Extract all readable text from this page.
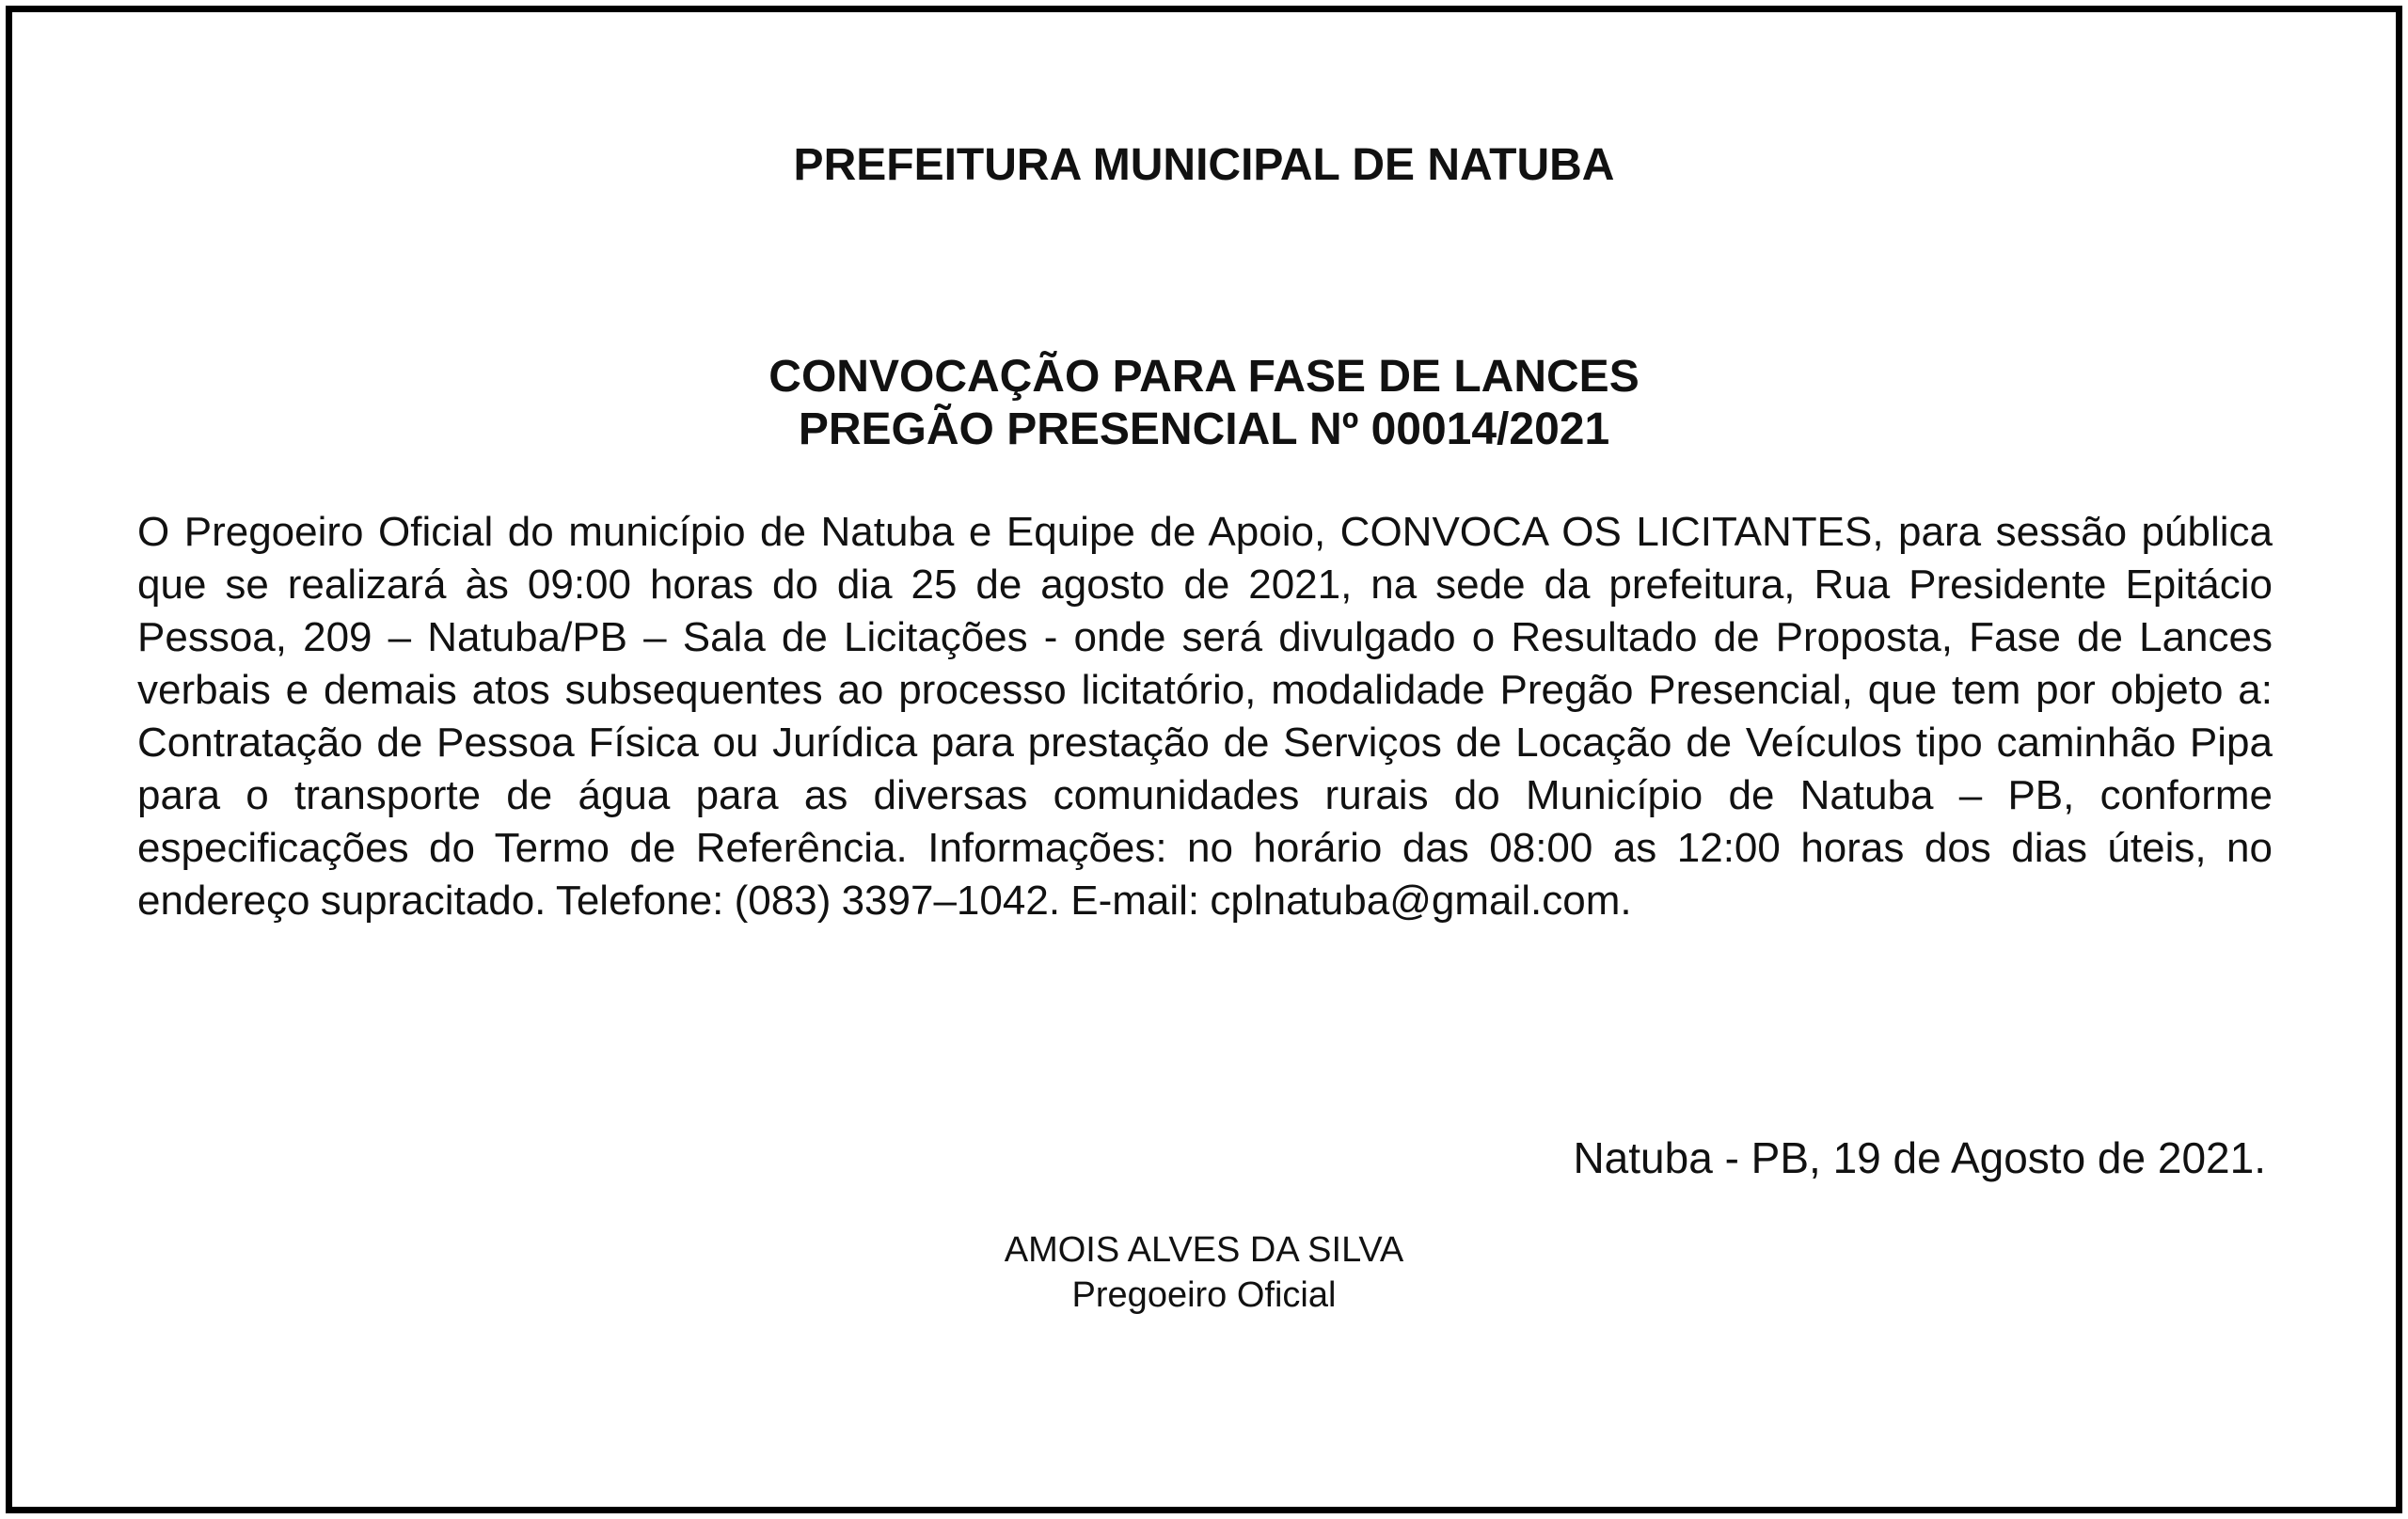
PREFEITURA MUNICIPAL DE NATUBA
CONVOCAÇÃO PARA FASE DE LANCES
PREGÃO PRESENCIAL Nº 00014/2021
O Pregoeiro Oficial do município de Natuba e Equipe de Apoio, CONVOCA OS LICITANTES, para sessão pública que se realizará às 09:00 horas do dia 25 de agosto de 2021, na sede da prefeitura, Rua Presidente Epitácio Pessoa, 209 – Natuba/PB – Sala de Licitações - onde será divulgado o Resultado de Proposta, Fase de Lances verbais e demais atos subsequentes ao processo licitatório, modalidade Pregão Presencial, que tem por objeto a: Contratação de Pessoa Física ou Jurídica para prestação de Serviços de Locação de Veículos tipo caminhão Pipa para o transporte de água para as diversas comunidades rurais do Município de Natuba – PB, conforme especificações do Termo de Referência. Informações: no horário das 08:00 as 12:00 horas dos dias úteis, no endereço supracitado. Telefone: (083) 3397–1042. E-mail: cplnatuba@gmail.com.
Natuba - PB, 19 de Agosto de 2021.
AMOIS ALVES DA SILVA
Pregoeiro Oficial
